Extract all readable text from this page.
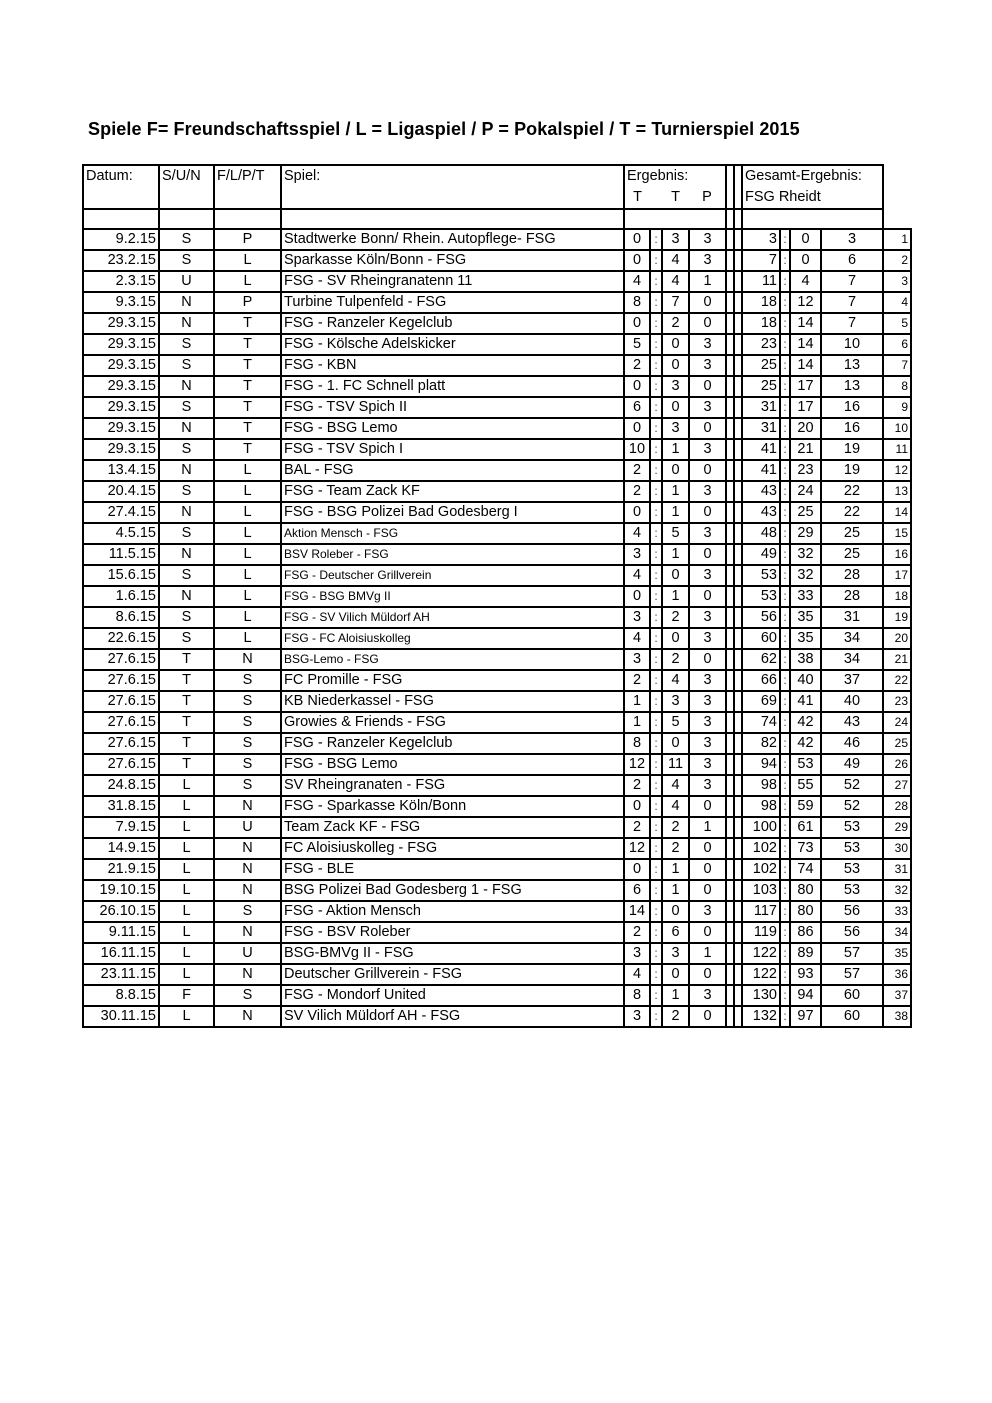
Spiele F= Freundschaftsspiel / L = Ligaspiel / P = Pokalspiel / T = Turnierspiel 2015
Datum:	S/U/N	F/L/P/T	Spiel:	Ergebnis:						Gesamt-Ergebnis:				
				T		T	P			FSG Rheidt				

9.2.15	S	P	Stadtwerke Bonn/ Rhein. Autopflege- FSG	0	:	3	3			3	:	0	3	1
23.2.15	S	L	Sparkasse Köln/Bonn - FSG	0	:	4	3			7	:	0	6	2
2.3.15	U	L	FSG - SV Rheingranatenn 11	4	:	4	1			11	:	4	7	3
9.3.15	N	P	Turbine Tulpenfeld - FSG	8	:	7	0			18	:	12	7	4
29.3.15	N	T	FSG - Ranzeler Kegelclub	0	:	2	0			18	:	14	7	5
29.3.15	S	T	FSG - Kölsche Adelskicker	5	:	0	3			23	:	14	10	6
29.3.15	S	T	FSG - KBN	2	:	0	3			25	:	14	13	7
29.3.15	N	T	FSG - 1. FC Schnell platt	0	:	3	0			25	:	17	13	8
29.3.15	S	T	FSG - TSV Spich II	6	:	0	3			31	:	17	16	9
29.3.15	N	T	FSG - BSG Lemo	0	:	3	0			31	:	20	16	10
29.3.15	S	T	FSG - TSV Spich I	10	:	1	3			41	:	21	19	11
13.4.15	N	L	BAL - FSG	2	:	0	0			41	:	23	19	12
20.4.15	S	L	FSG - Team Zack KF	2	:	1	3			43	:	24	22	13
27.4.15	N	L	FSG - BSG Polizei Bad Godesberg I	0	:	1	0			43	:	25	22	14
4.5.15	S	L	Aktion Mensch - FSG	4	:	5	3			48	:	29	25	15
11.5.15	N	L	BSV Roleber - FSG	3	:	1	0			49	:	32	25	16
15.6.15	S	L	FSG - Deutscher Grillverein	4	:	0	3			53	:	32	28	17
1.6.15	N	L	FSG - BSG BMVg II	0	:	1	0			53	:	33	28	18
8.6.15	S	L	FSG - SV Vilich Müldorf AH	3	:	2	3			56	:	35	31	19
22.6.15	S	L	FSG - FC Aloisiuskolleg	4	:	0	3			60	:	35	34	20
27.6.15	T	N	BSG-Lemo - FSG	3	:	2	0			62	:	38	34	21
27.6.15	T	S	FC Promille - FSG	2	:	4	3			66	:	40	37	22
27.6.15	T	S	KB Niederkassel - FSG	1	:	3	3			69	:	41	40	23
27.6.15	T	S	Growies & Friends - FSG	1	:	5	3			74	:	42	43	24
27.6.15	T	S	FSG - Ranzeler Kegelclub	8	:	0	3			82	:	42	46	25
27.6.15	T	S	FSG - BSG Lemo	12	:	11	3			94	:	53	49	26
24.8.15	L	S	SV Rheingranaten - FSG	2	:	4	3			98	:	55	52	27
31.8.15	L	N	FSG - Sparkasse Köln/Bonn	0	:	4	0			98	:	59	52	28
7.9.15	L	U	Team Zack KF - FSG	2	:	2	1			100	:	61	53	29
14.9.15	L	N	FC Aloisiuskolleg - FSG	12	:	2	0			102	:	73	53	30
21.9.15	L	N	FSG - BLE	0	:	1	0			102	:	74	53	31
19.10.15	L	N	BSG Polizei Bad Godesberg 1 - FSG	6	:	1	0			103	:	80	53	32
26.10.15	L	S	FSG - Aktion Mensch	14	:	0	3			117	:	80	56	33
9.11.15	L	N	FSG - BSV Roleber	2	:	6	0			119	:	86	56	34
16.11.15	L	U	BSG-BMVg II - FSG	3	:	3	1			122	:	89	57	35
23.11.15	L	N	Deutscher Grillverein - FSG	4	:	0	0			122	:	93	57	36
8.8.15	F	S	FSG - Mondorf United	8	:	1	3			130	:	94	60	37
30.11.15	L	N	SV Vilich Müldorf AH - FSG	3	:	2	0			132	:	97	60	38
